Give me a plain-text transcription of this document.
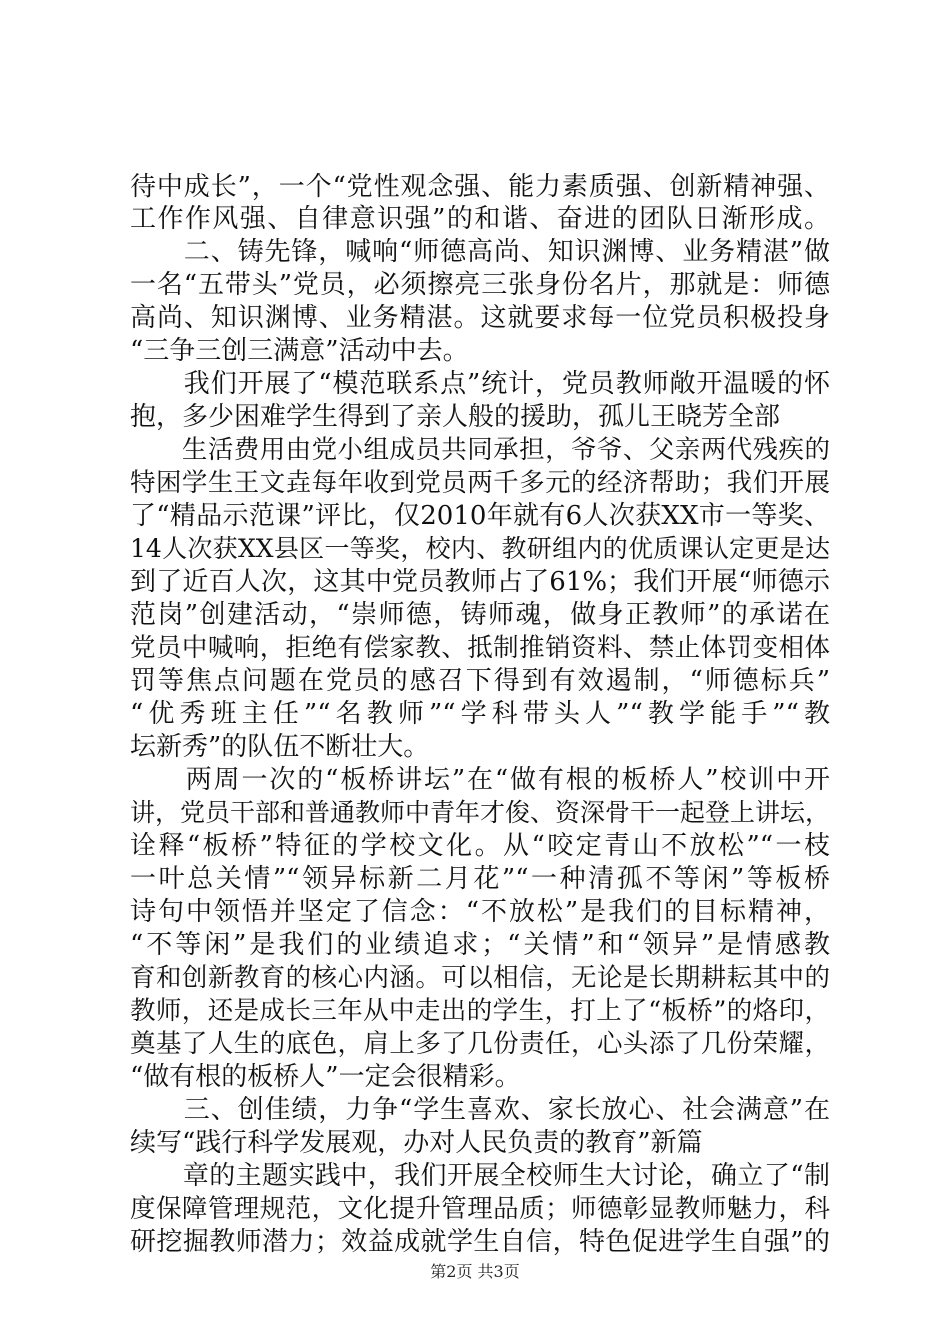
待中成长”，一个“党性观念强、能力素质强、创新精神强、
工作作风强、自律意识强”的和谐、奋进的团队日渐形成。
　　二、铸先锋，喊响“师德高尚、知识渊博、业务精湛”做
一名“五带头”党员，必须擦亮三张身份名片，那就是：师德
高尚、知识渊博、业务精湛。这就要求每一位党员积极投身
“三争三创三满意”活动中去。
　　我们开展了“模范联系点”统计，党员教师敞开温暖的怀
抱，多少困难学生得到了亲人般的援助，孤儿王晓芳全部
　　生活费用由党小组成员共同承担，爷爷、父亲两代残疾的
特困学生王文垚每年收到党员两千多元的经济帮助；我们开展
了“精品示范课”评比，仅2010年就有6人次获XX市一等奖、
14人次获XX县区一等奖，校内、教研组内的优质课认定更是达
到了近百人次，这其中党员教师占了61%；我们开展“师德示
范岗”创建活动，“崇师德，铸师魂，做身正教师”的承诺在
党员中喊响，拒绝有偿家教、抵制推销资料、禁止体罚变相体
罚等焦点问题在党员的感召下得到有效遏制，“师德标兵”
“优秀班主任”“名教师”“学科带头人”“教学能手”“教
坛新秀”的队伍不断壮大。
　　两周一次的“板桥讲坛”在“做有根的板桥人”校训中开
讲，党员干部和普通教师中青年才俊、资深骨干一起登上讲坛，
诠释“板桥”特征的学校文化。从“咬定青山不放松”“一枝
一叶总关情”“领异标新二月花”“一种清孤不等闲”等板桥
诗句中领悟并坚定了信念：“不放松”是我们的目标精神，
“不等闲”是我们的业绩追求；“关情”和“领异”是情感教
育和创新教育的核心内涵。可以相信，无论是长期耕耘其中的
教师，还是成长三年从中走出的学生，打上了“板桥”的烙印，
奠基了人生的底色，肩上多了几份责任，心头添了几份荣耀，
“做有根的板桥人”一定会很精彩。
　　三、创佳绩，力争“学生喜欢、家长放心、社会满意”在
续写“践行科学发展观，办对人民负责的教育”新篇
　　章的主题实践中，我们开展全校师生大讨论，确立了“制
度保障管理规范，文化提升管理品质；师德彰显教师魅力，科
研挖掘教师潜力；效益成就学生自信，特色促进学生自强”的
第2页 共3页
